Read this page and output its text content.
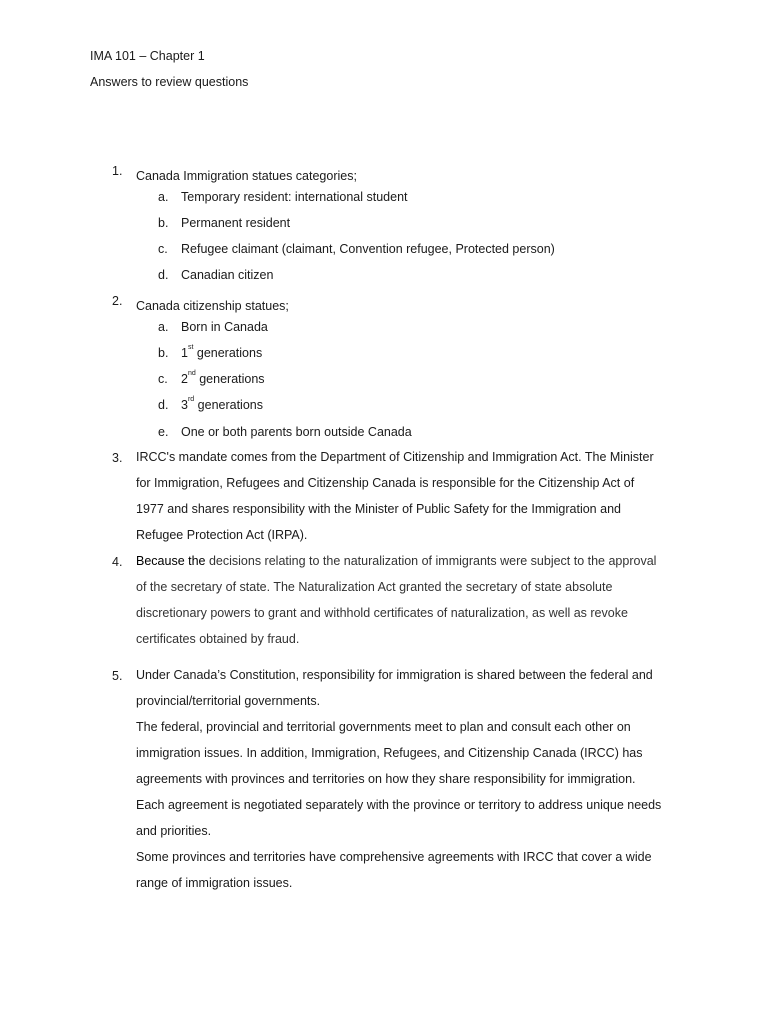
IMA 101 – Chapter 1
Answers to review questions
1. Canada Immigration statues categories;

a. Temporary resident: international student
b. Permanent resident
c. Refugee claimant (claimant, Convention refugee, Protected person)
d. Canadian citizen
2. Canada citizenship statues;

a. Born in Canada
b. 1st generations
c. 2nd generations
d. 3rd generations
e. One or both parents born outside Canada
3. IRCC's mandate comes from the Department of Citizenship and Immigration Act. The Minister

for Immigration, Refugees and Citizenship Canada is responsible for the Citizenship Act of

1977 and shares responsibility with the Minister of Public Safety for the Immigration and

Refugee Protection Act (IRPA).

4. Because the decisions relating to the naturalization of immigrants were subject to the approval

of the secretary of state. The Naturalization Act granted the secretary of state absolute

discretionary powers to grant and withhold certificates of naturalization, as well as revoke

certificates obtained by fraud.

5. Under Canada’s Constitution, responsibility for immigration is shared between the federal and

provincial/territorial governments.

The federal, provincial and territorial governments meet to plan and consult each other on

immigration issues. In addition, Immigration, Refugees, and Citizenship Canada (IRCC) has

agreements with provinces and territories on how they share responsibility for immigration.

Each agreement is negotiated separately with the province or territory to address unique needs

and priorities.

Some provinces and territories have comprehensive agreements with IRCC that cover a wide

range of immigration issues.
